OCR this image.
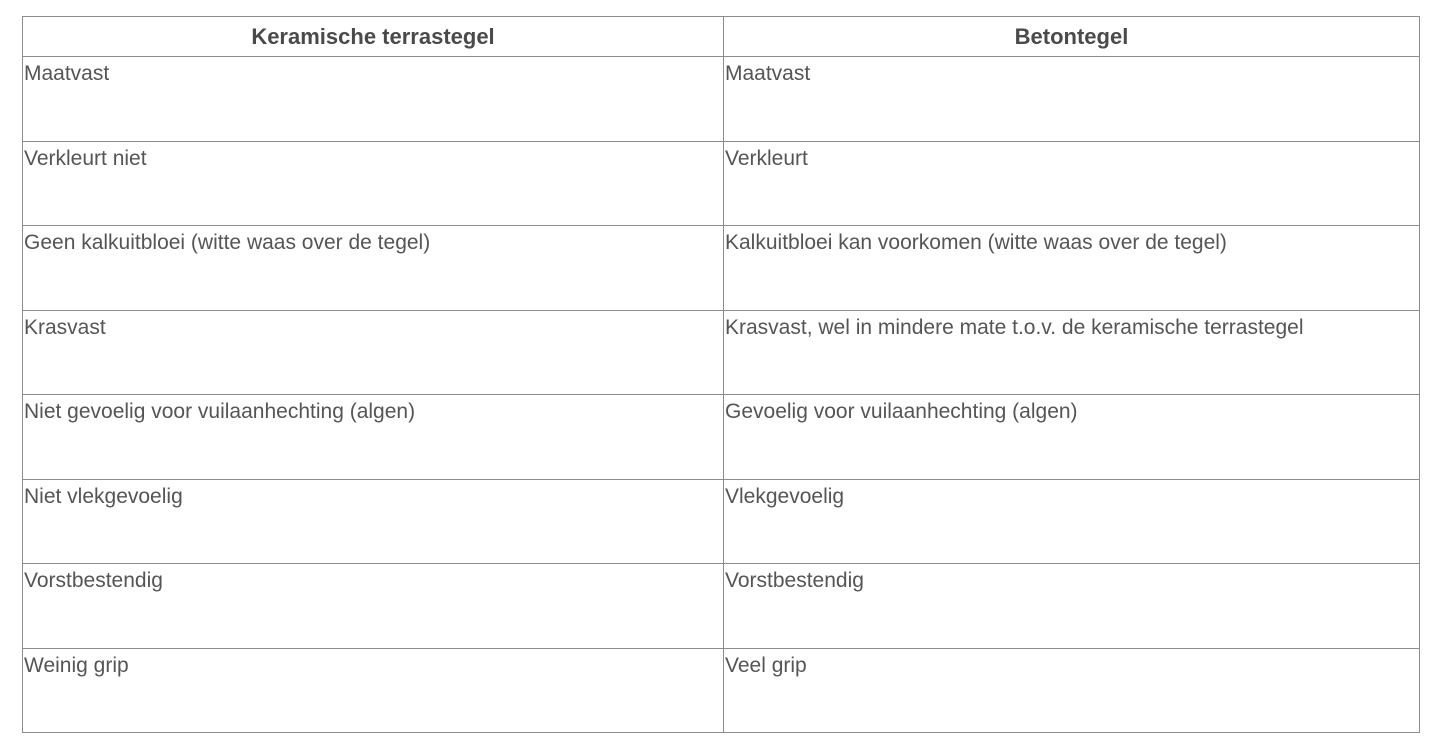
Keramische terrastegel	Betontegel
Maatvast	Maatvast
Verkleurt niet	Verkleurt
Geen kalkuitbloei (witte waas over de tegel)	Kalkuitbloei kan voorkomen (witte waas over de tegel)
Krasvast	Krasvast, wel in mindere mate t.o.v. de keramische terrastegel
Niet gevoelig voor vuilaanhechting (algen)	Gevoelig voor vuilaanhechting (algen)
Niet vlekgevoelig	Vlekgevoelig
Vorstbestendig	Vorstbestendig
Weinig grip	Veel grip
